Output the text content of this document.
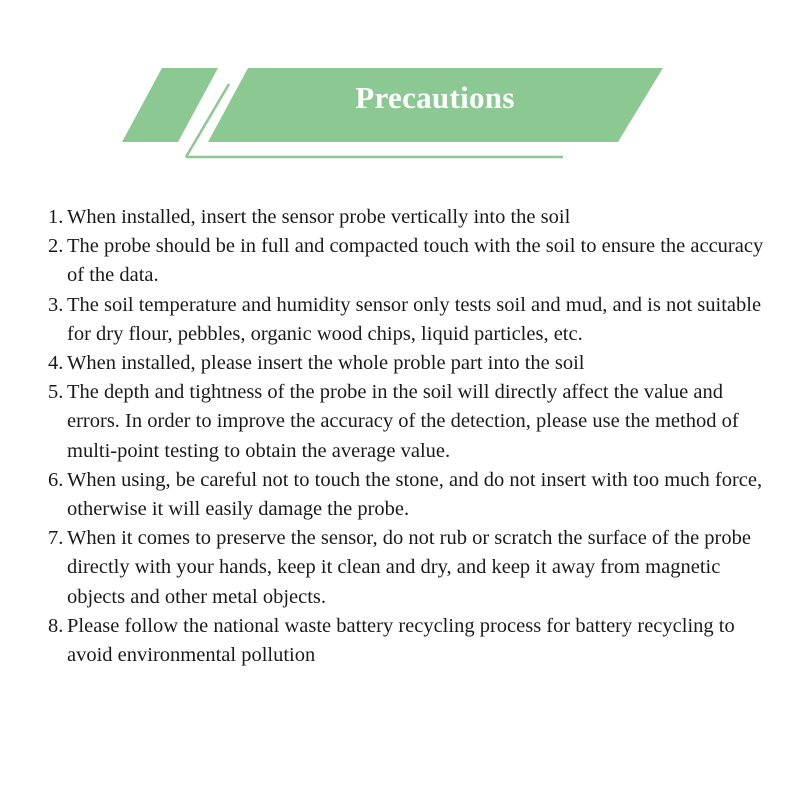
Precautions
1. When installed, insert the sensor probe vertically into the soil
2. The probe should be in full and compacted touch with the soil to ensure the accuracy of the data.
3. The soil temperature and humidity sensor only tests soil and mud, and is not suitable for dry flour, pebbles, organic wood chips, liquid particles, etc.
4. When installed, please insert the whole proble part into the soil
5. The depth and tightness of the probe in the soil will directly affect the value and errors. In order to improve the accuracy of the detection, please use the method of multi-point testing to obtain the average value.
6. When using, be careful not to touch the stone, and do not insert with too much force, otherwise it will easily damage the probe.
7. When it comes to preserve the sensor, do not rub or scratch the surface of the probe directly with your hands, keep it clean and dry, and keep it away from magnetic objects and other metal objects.
8. Please follow the national waste battery recycling process for battery recycling to avoid environmental pollution
